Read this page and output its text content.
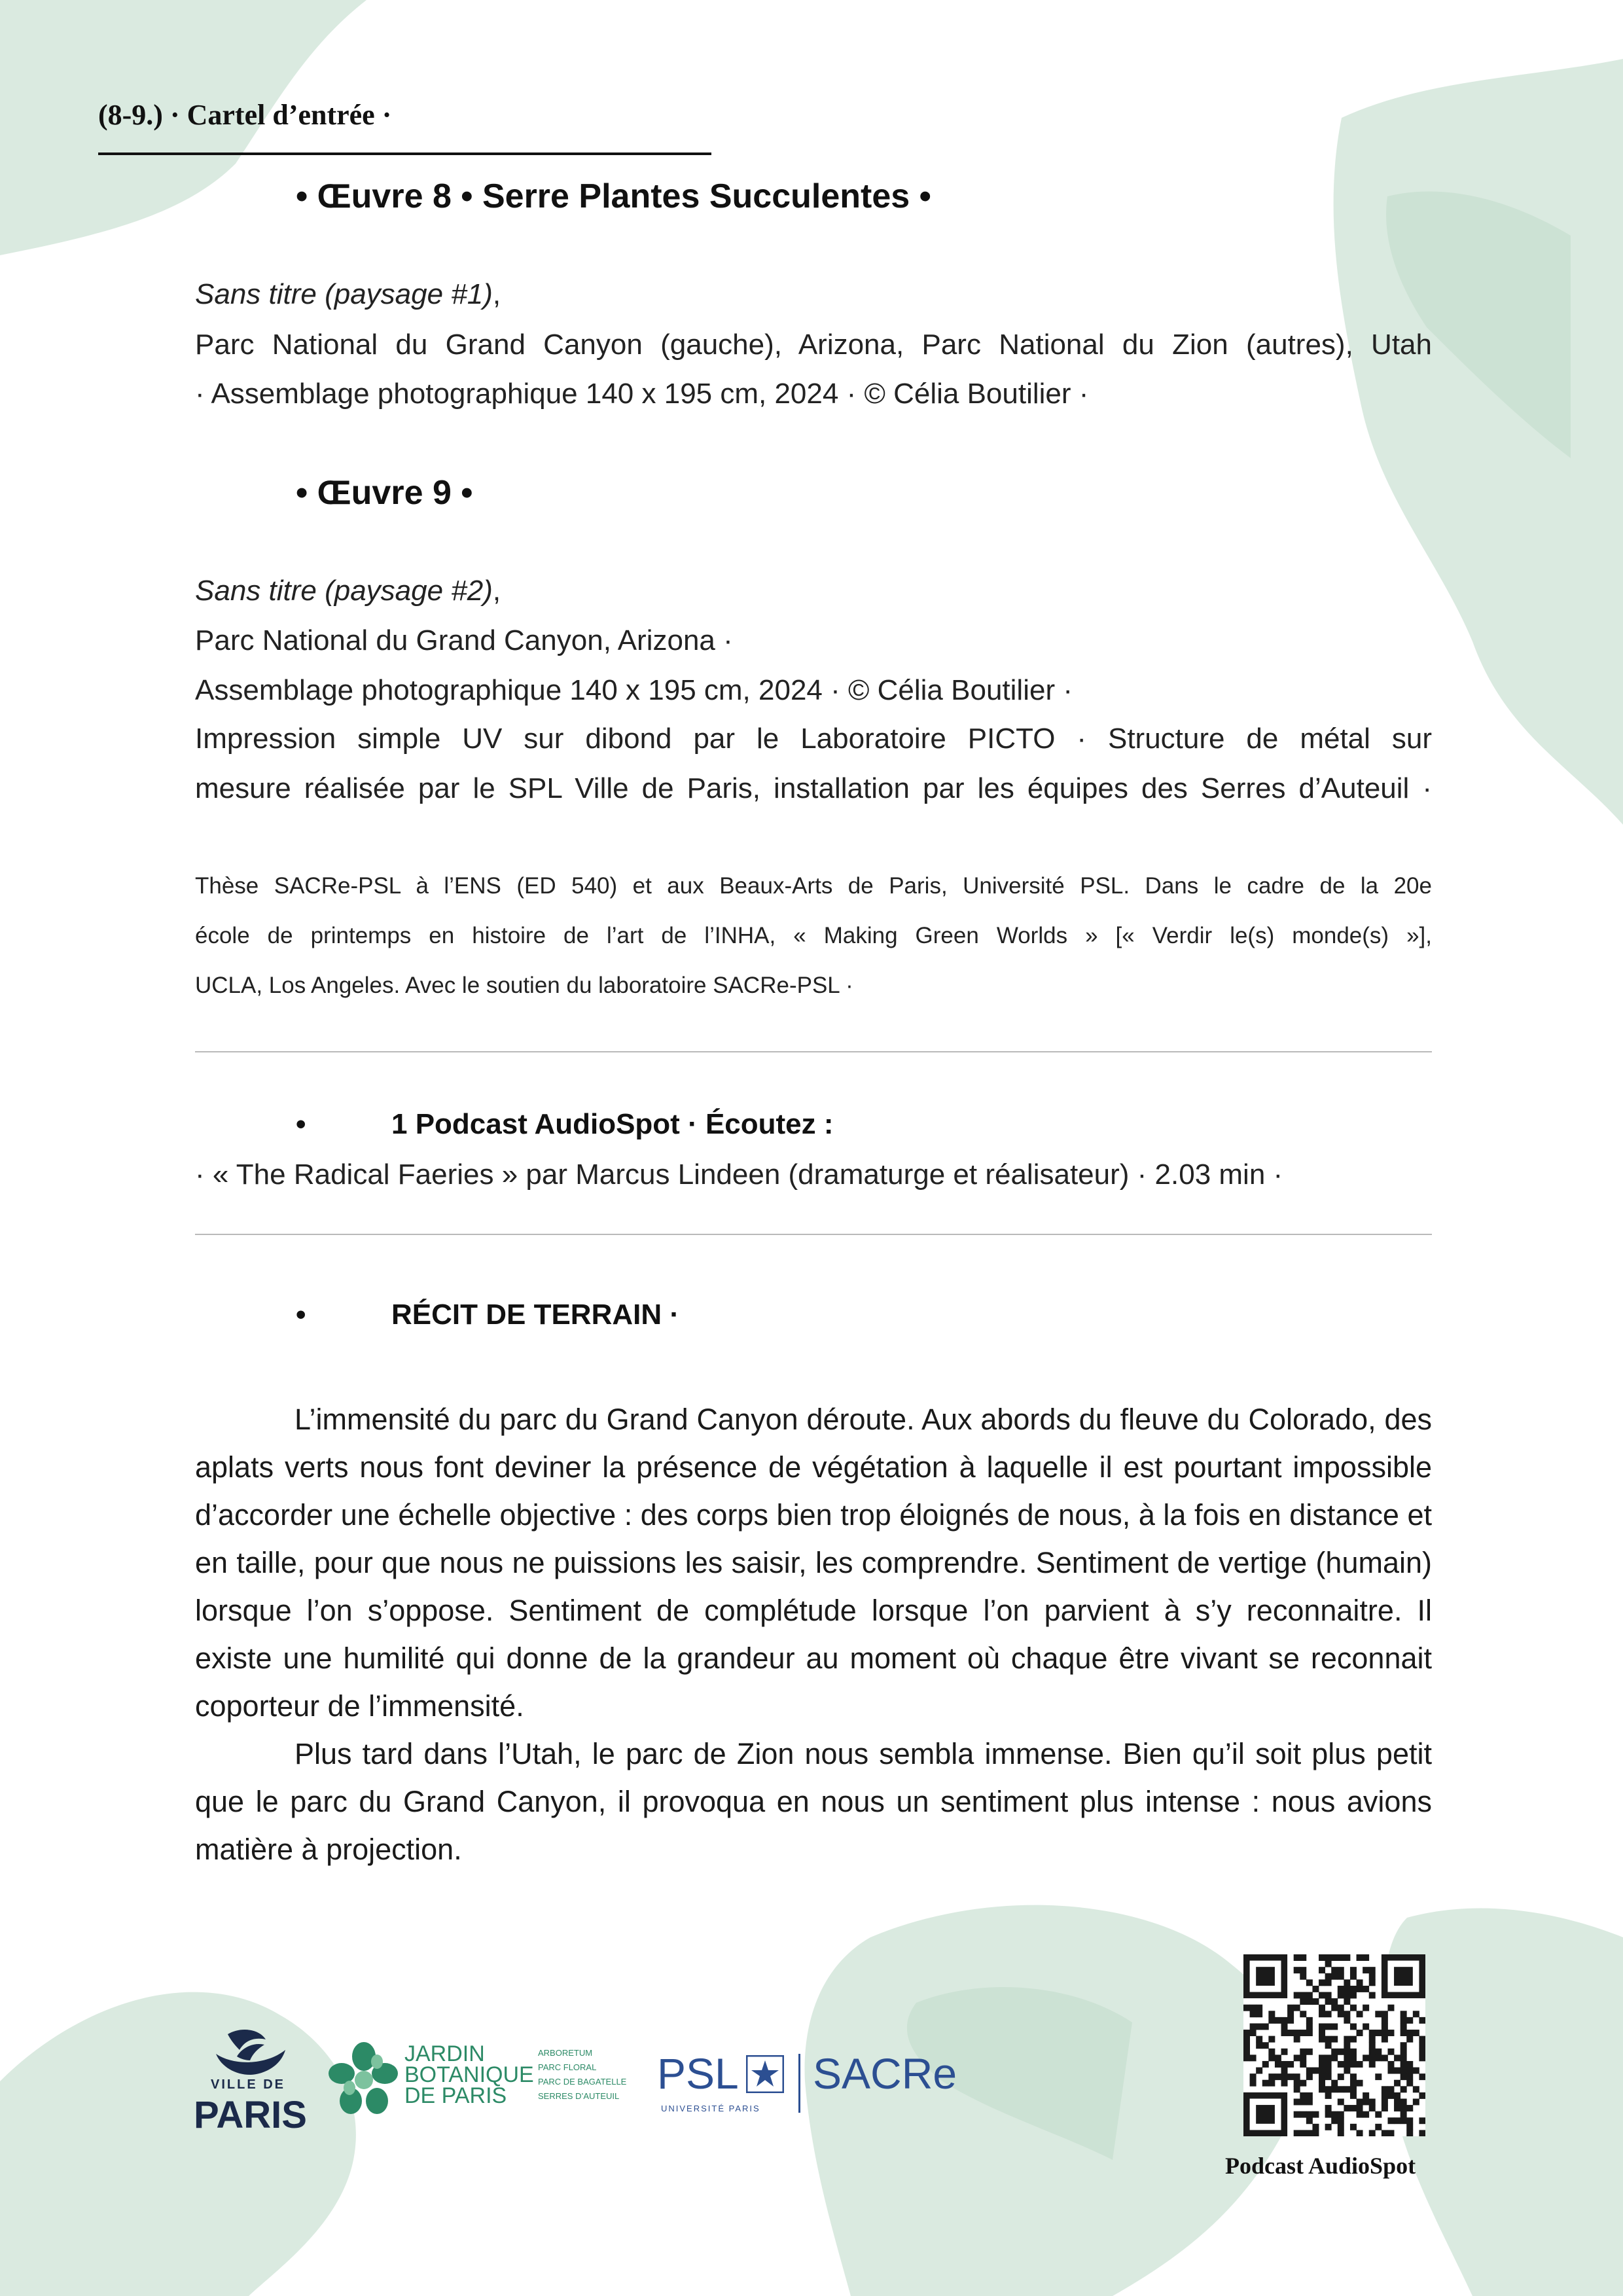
(8-9.) · Cartel d’entrée ·
• Œuvre 8 • Serre Plantes Succulentes •
Sans titre (paysage #1),
Parc National du Grand Canyon (gauche), Arizona, Parc National du Zion (autres), Utah
· Assemblage photographique 140 x 195 cm, 2024 · © Célia Boutilier ·
• Œuvre 9 •
Sans titre (paysage #2),
Parc National du Grand Canyon, Arizona ·
Assemblage photographique 140 x 195 cm, 2024 · © Célia Boutilier ·
Impression simple UV sur dibond par le Laboratoire PICTO · Structure de métal sur
mesure réalisée par le SPL Ville de Paris, installation par les équipes des Serres d’Auteuil ·
Thèse SACRe-PSL à l’ENS (ED 540) et aux Beaux-Arts de Paris, Université PSL. Dans le cadre de la 20e
école de printemps en histoire de l’art de l’INHA, « Making Green Worlds » [« Verdir le(s) monde(s) »],
UCLA, Los Angeles. Avec le soutien du laboratoire SACRe-PSL ·
•	1 Podcast AudioSpot · Écoutez :
· « The Radical Faeries » par Marcus Lindeen (dramaturge et réalisateur) · 2.03 min ·
•	RÉCIT DE TERRAIN ·

L’immensité du parc du Grand Canyon déroute. Aux abords du fleuve du Colorado, des aplats verts nous font deviner la présence de végétation à laquelle il est pourtant impossible d’accorder une échelle objective : des corps bien trop éloignés de nous, à la fois en distance et en taille, pour que nous ne puissions les saisir, les comprendre. Sentiment de vertige (humain) lorsque l’on s’oppose. Sentiment de complétude lorsque l’on parvient à s’y reconnaitre. Il existe une humilité qui donne de la grandeur au moment où chaque être vivant se reconnait coporteur de l’immensité.

Plus tard dans l’Utah, le parc de Zion nous sembla immense. Bien qu’il soit plus petit que le parc du Grand Canyon, il provoqua en nous un sentiment plus intense : nous avions matière à projection.

VILLE DE
PARIS
JARDIN
BOTANIQUE
DE PARIS
ARBORETUM
PARC FLORAL
PARC DE BAGATELLE
SERRES D’AUTEUIL PSL
UNIVERSITÉ PARIS
SACRe
Podcast AudioSpot
